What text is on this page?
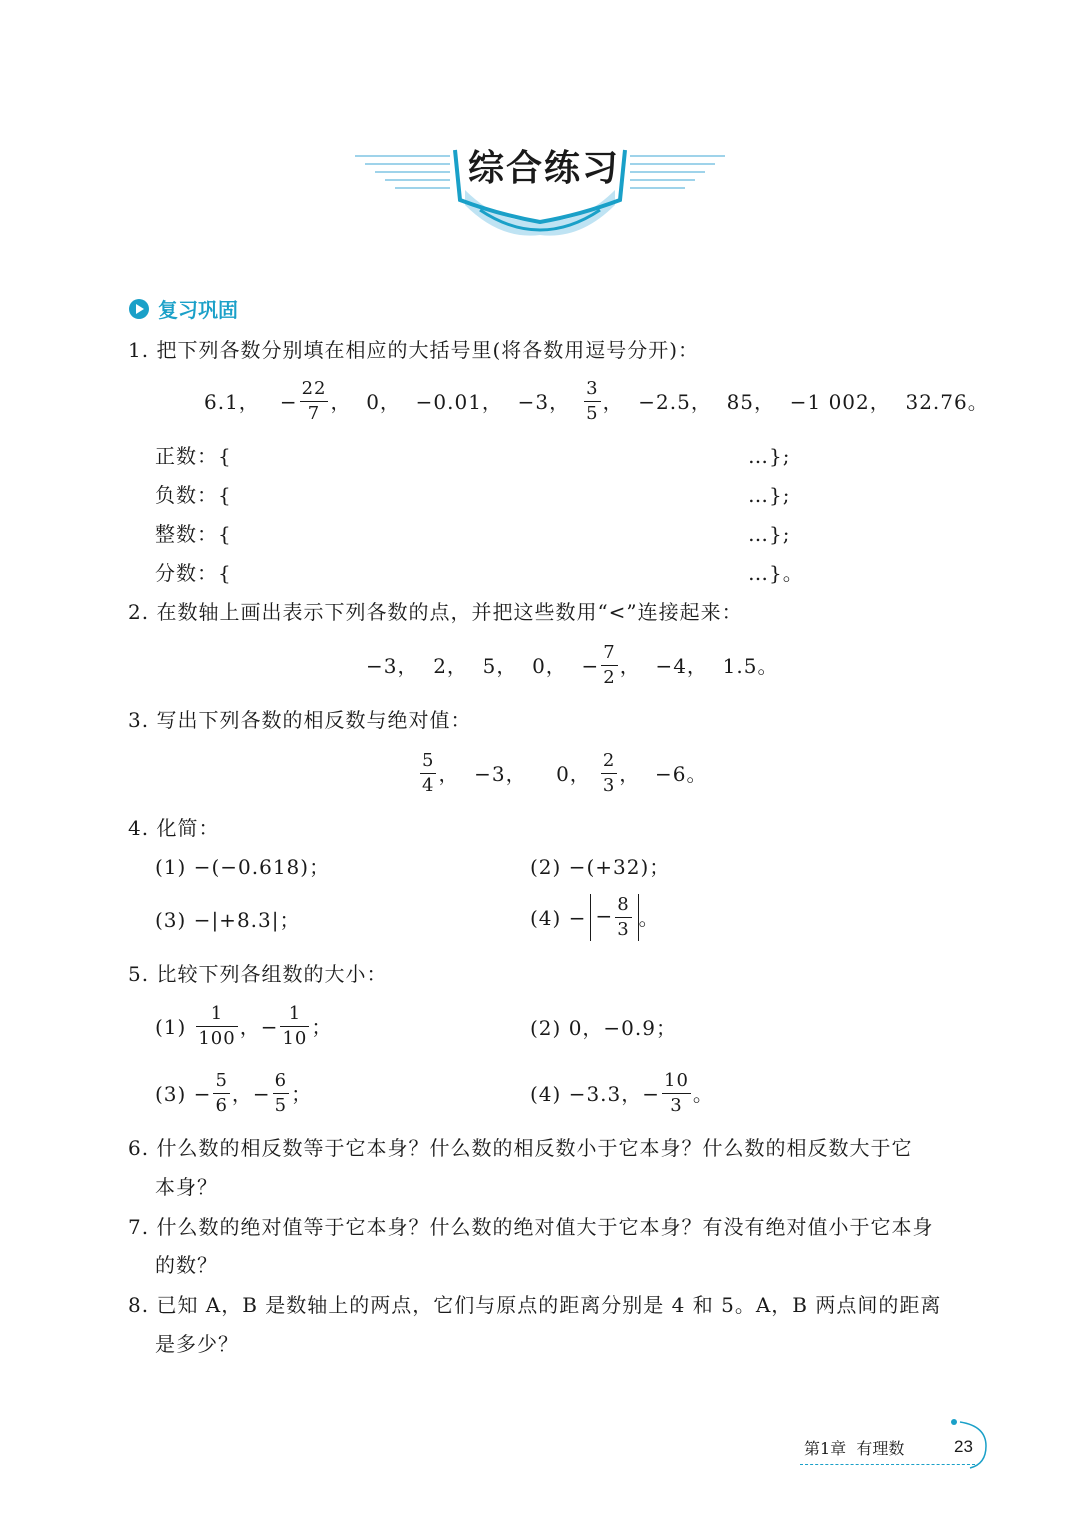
综合练习
复习巩固
1. 把下列各数分别填在相应的大括号里(将各数用逗号分开)：
6.1， − $\frac{22}{7}$ ，  0，  −0.01，  −3， $\frac{3}{5}$ ，  −2.5，  85，  −1 002，  32.76。
正数：{	…};
负数：{	…};
整数：{	…};
分数：{	…}。
2. 在数轴上画出表示下列各数的点，并把这些数用“<”连接起来：
−3，  2，  5，  0，  − $\frac{7}{2}$ ，  −4，  1.5。
3. 写出下列各数的相反数与绝对值：
$\frac{5}{4}$ ，  −3，    0， $\frac{2}{3}$ ，  −6。
4. 化简：
(1) −(−0.618)；	(2) −(+32)；
(3) −|+8.3|；	(4) − − $\frac{8}{3}$ 。
5. 比较下列各组数的大小：
$(1) \frac{1}{100}$ ，− $\frac{1}{10}$ ；	(2) 0，−0.9；
$(3) - \frac{5}{6}$ ，− $\frac{6}{5}$ ；	(4) −3.3，− $\frac{10}{3}$ 。
6. 什么数的相反数等于它本身？什么数的相反数小于它本身？什么数的相反数大于它
本身？
7. 什么数的绝对值等于它本身？什么数的绝对值大于它本身？有没有绝对值小于它本身
的数？
8. 已知 A，B 是数轴上的两点，它们与原点的距离分别是 4 和 5。A，B 两点间的距离
是多少？
第1章  有理数	23
